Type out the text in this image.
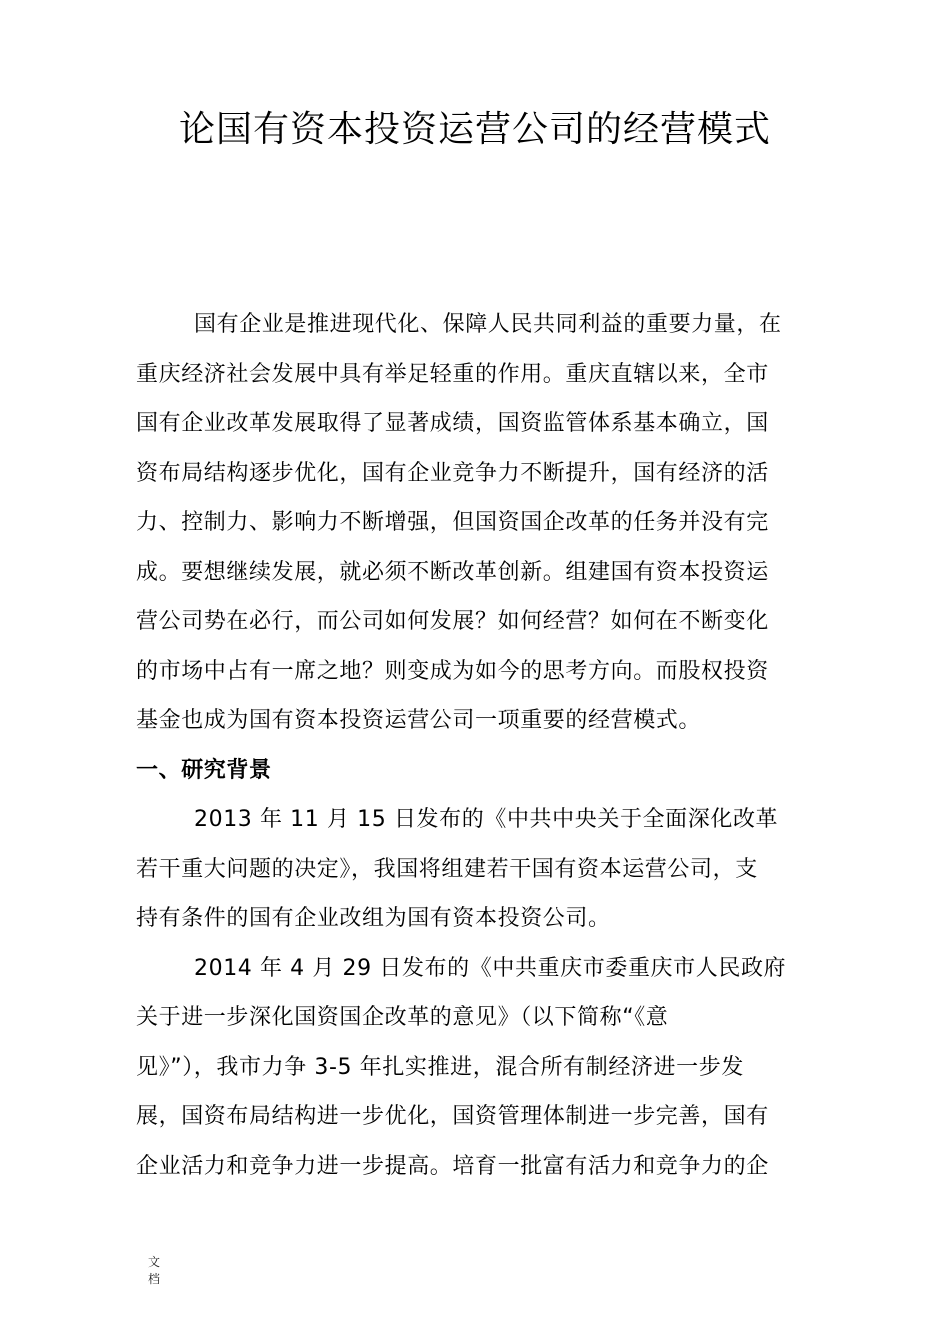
论国有资本投资运营公司的经营模式
国有企业是推进现代化、保障人民共同利益的重要力量，在
重庆经济社会发展中具有举足轻重的作用。重庆直辖以来，全市
国有企业改革发展取得了显著成绩，国资监管体系基本确立，国
资布局结构逐步优化，国有企业竞争力不断提升，国有经济的活
力、控制力、影响力不断增强，但国资国企改革的任务并没有完
成。要想继续发展，就必须不断改革创新。组建国有资本投资运
营公司势在必行，而公司如何发展？如何经营？如何在不断变化
的市场中占有一席之地？则变成为如今的思考方向。而股权投资
基金也成为国有资本投资运营公司一项重要的经营模式。
一、研究背景
2013 年 11 月 15 日发布的《中共中央关于全面深化改革
若干重大问题的决定》，我国将组建若干国有资本运营公司，支
持有条件的国有企业改组为国有资本投资公司。
2014 年 4 月 29 日发布的《中共重庆市委重庆市人民政府
关于进一步深化国资国企改革的意见》（以下简称“《意
见》”），我市力争 3-5 年扎实推进，混合所有制经济进一步发
展，国资布局结构进一步优化，国资管理体制进一步完善，国有
企业活力和竞争力进一步提高。培育一批富有活力和竞争力的企
文档
